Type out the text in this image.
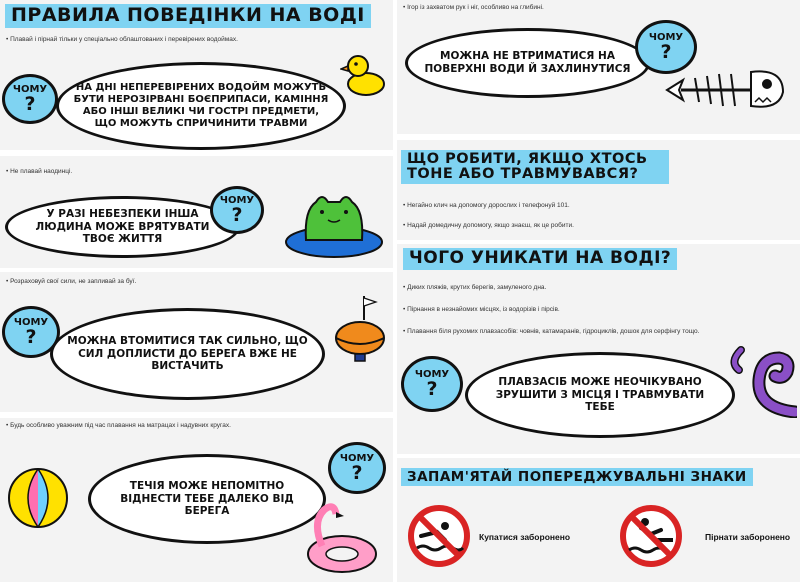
ПРАВИЛА ПОВЕДІНКИ НА ВОДІ
• Плавай і пірнай тільки у спеціально облаштованих і перевірених водоймах.
ЧОМУ
?
НА ДНІ НЕПЕРЕВІРЕНИХ ВОДОЙМ МОЖУТЬ БУТИ НЕРОЗІРВАНІ БОЄПРИПАСИ, КАМІННЯ АБО ІНШІ ВЕЛИКІ ЧИ ГОСТРІ ПРЕДМЕТИ, ЩО МОЖУТЬ СПРИЧИНИТИ ТРАВМИ
• Не плавай наодинці.
У РАЗІ НЕБЕЗПЕКИ ІНША ЛЮДИНА МОЖЕ ВРЯТУВАТИ ТВОЄ ЖИТТЯ
ЧОМУ
?
• Розраховуй свої сили, не запливай за буї.
ЧОМУ
?	МОЖНА ВТОМИТИСЯ ТАК СИЛЬНО, ЩО СИЛ ДОПЛИСТИ ДО БЕРЕГА ВЖЕ НЕ ВИСТАЧИТЬ
• Будь особливо уважним під час плавання на матрацах і надувних кругах.
ТЕЧІЯ МОЖЕ НЕПОМІТНО ВІДНЕСТИ ТЕБЕ ДАЛЕКО ВІД БЕРЕГА
ЧОМУ
?
• Ігор із захватом рук і ніг, особливо на глибині.
МОЖНА НЕ ВТРИМАТИСЯ НА ПОВЕРХНІ ВОДИ Й ЗАХЛИНУТИСЯ
ЧОМУ
?
ЩО РОБИТИ, ЯКЩО ХТОСЬ ТОНЕ АБО ТРАВМУВАВСЯ?
• Негайно клич на допомогу дорослих і телефонуй 101.
• Надай домедичну допомогу, якщо знаєш, як це робити.
ЧОГО УНИКАТИ НА ВОДІ?
• Диких пляжів, крутих берегів, замуленого дна.
• Пірнання в незнайомих місцях, із водорізів і пірсів.
• Плавання біля рухомих плавзасобів: човнів, катамаранів, гідроциклів, дошок для серфінгу тощо.
ЧОМУ
?	ПЛАВЗАСІБ МОЖЕ НЕОЧІКУВАНО ЗРУШИТИ З МІСЦЯ І ТРАВМУВАТИ ТЕБЕ
ЗАПАМ'ЯТАЙ ПОПЕРЕДЖУВАЛЬНІ ЗНАКИ
Купатися заборонено	Пірнати заборонено
